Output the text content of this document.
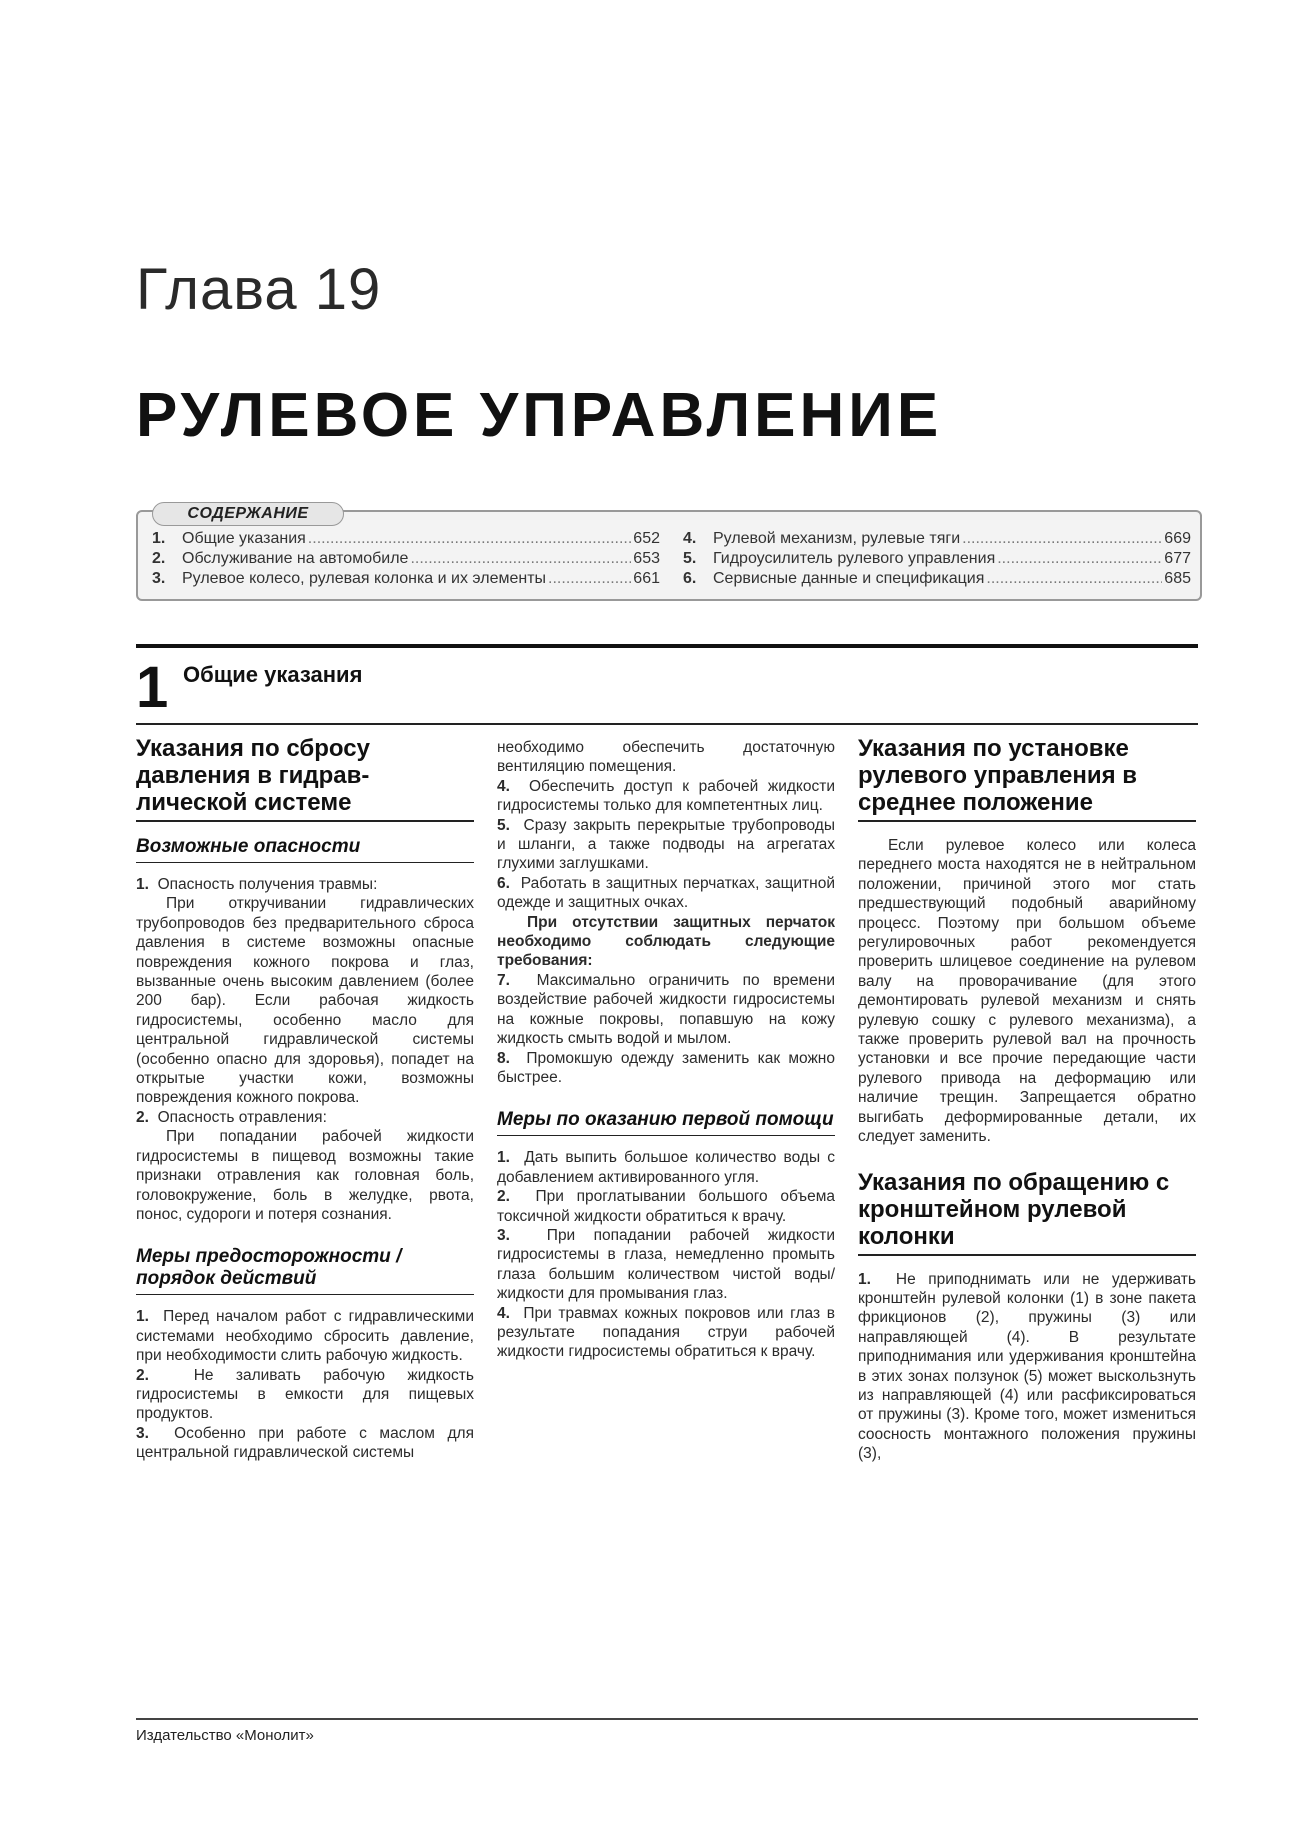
Глава 19
РУЛЕВОЕ УПРАВЛЕНИЕ
СОДЕРЖАНИЕ
1.	Общие указания .....	652
2.	Обслуживание на автомобиле .....	653
3.	Рулевое колесо, рулевая колонка и их элементы .....	661
4.	Рулевой механизм, рулевые тяги .....	669
5.	Гидроусилитель рулевого управления .....	677
6.	Сервисные данные и спецификация .....	685
1 Общие указания
Указания по сбросу давления в гидрав-лической системе
Возможные опасности

1. Опасность получения травмы:

При откручивании гидравлических трубопроводов без предварительного сброса давления в системе возможны опасные повреждения кожного покрова и глаз, вызванные очень высоким давлением (более 200 бар). Если рабочая жидкость гидросистемы, особенно масло для центральной гидравлической системы (особенно опасно для здоровья), попадет на открытые участки кожи, возможны повреждения кожного покрова.

2. Опасность отравления:

При попадании рабочей жидкости гидросистемы в пищевод возможны такие признаки отравления как головная боль, головокружение, боль в желудке, рвота, понос, судороги и потеря сознания.

Меры предосторожности / порядок действий

1. Перед началом работ с гидравлическими системами необходимо сбросить давление, при необходимости слить рабочую жидкость.

2.	Не заливать рабочую жидкость гидросистемы в емкости для пищевых продуктов.

3. Особенно при работе с маслом для центральной гидравлической системы

необходимо обеспечить достаточную вентиляцию помещения.

4. Обеспечить доступ к рабочей жидкости гидросистемы только для компетентных лиц.

5. Сразу закрыть перекрытые трубопроводы и шланги, а также подводы на агрегатах глухими заглушками.

6. Работать в защитных перчатках, защитной одежде и защитных очках.

При отсутствии защитных перчаток необходимо соблюдать следующие требования:

7. Максимально ограничить по времени воздействие рабочей жидкости гидросистемы на кожные покровы, попавшую на кожу жидкость смыть водой и мылом.

8. Промокшую одежду заменить как можно быстрее.

Меры по оказанию первой помощи

1. Дать выпить большое количество воды с добавлением активированного угля.

2. При проглатывании большого объема токсичной жидкости обратиться к врачу.

3. При попадании рабочей жидкости гидросистемы в глаза, немедленно промыть глаза большим количеством чистой воды/жидкости для промывания глаз.

4. При травмах кожных покровов или глаз в результате попадания струи рабочей жидкости гидросистемы обратиться к врачу.

Указания по установке рулевого управления в среднее положение

Если рулевое колесо или колеса переднего моста находятся не в нейтральном положении, причиной этого мог стать предшествующий подобный аварийному процесс. Поэтому при большом объеме регулировочных работ рекомендуется проверить шлицевое соединение на рулевом валу на проворачивание (для этого демонтировать рулевой механизм и снять рулевую сошку с рулевого механизма), а также проверить рулевой вал на прочность установки и все прочие передающие части рулевого привода на деформацию или наличие трещин. Запрещается обратно выгибать деформированные детали, их следует заменить.

Указания по обращению с кронштейном рулевой колонки

1. Не приподнимать или не удерживать кронштейн рулевой колонки (1) в зоне пакета фрикционов (2), пружины (3) или направляющей (4). В результате приподнимания или удерживания кронштейна в этих зонах ползунок (5) может выскользнуть из направляющей (4) или расфиксироваться от пружины (3). Кроме того, может измениться соосность монтажного положения пружины (3),

Издательство «Монолит»
